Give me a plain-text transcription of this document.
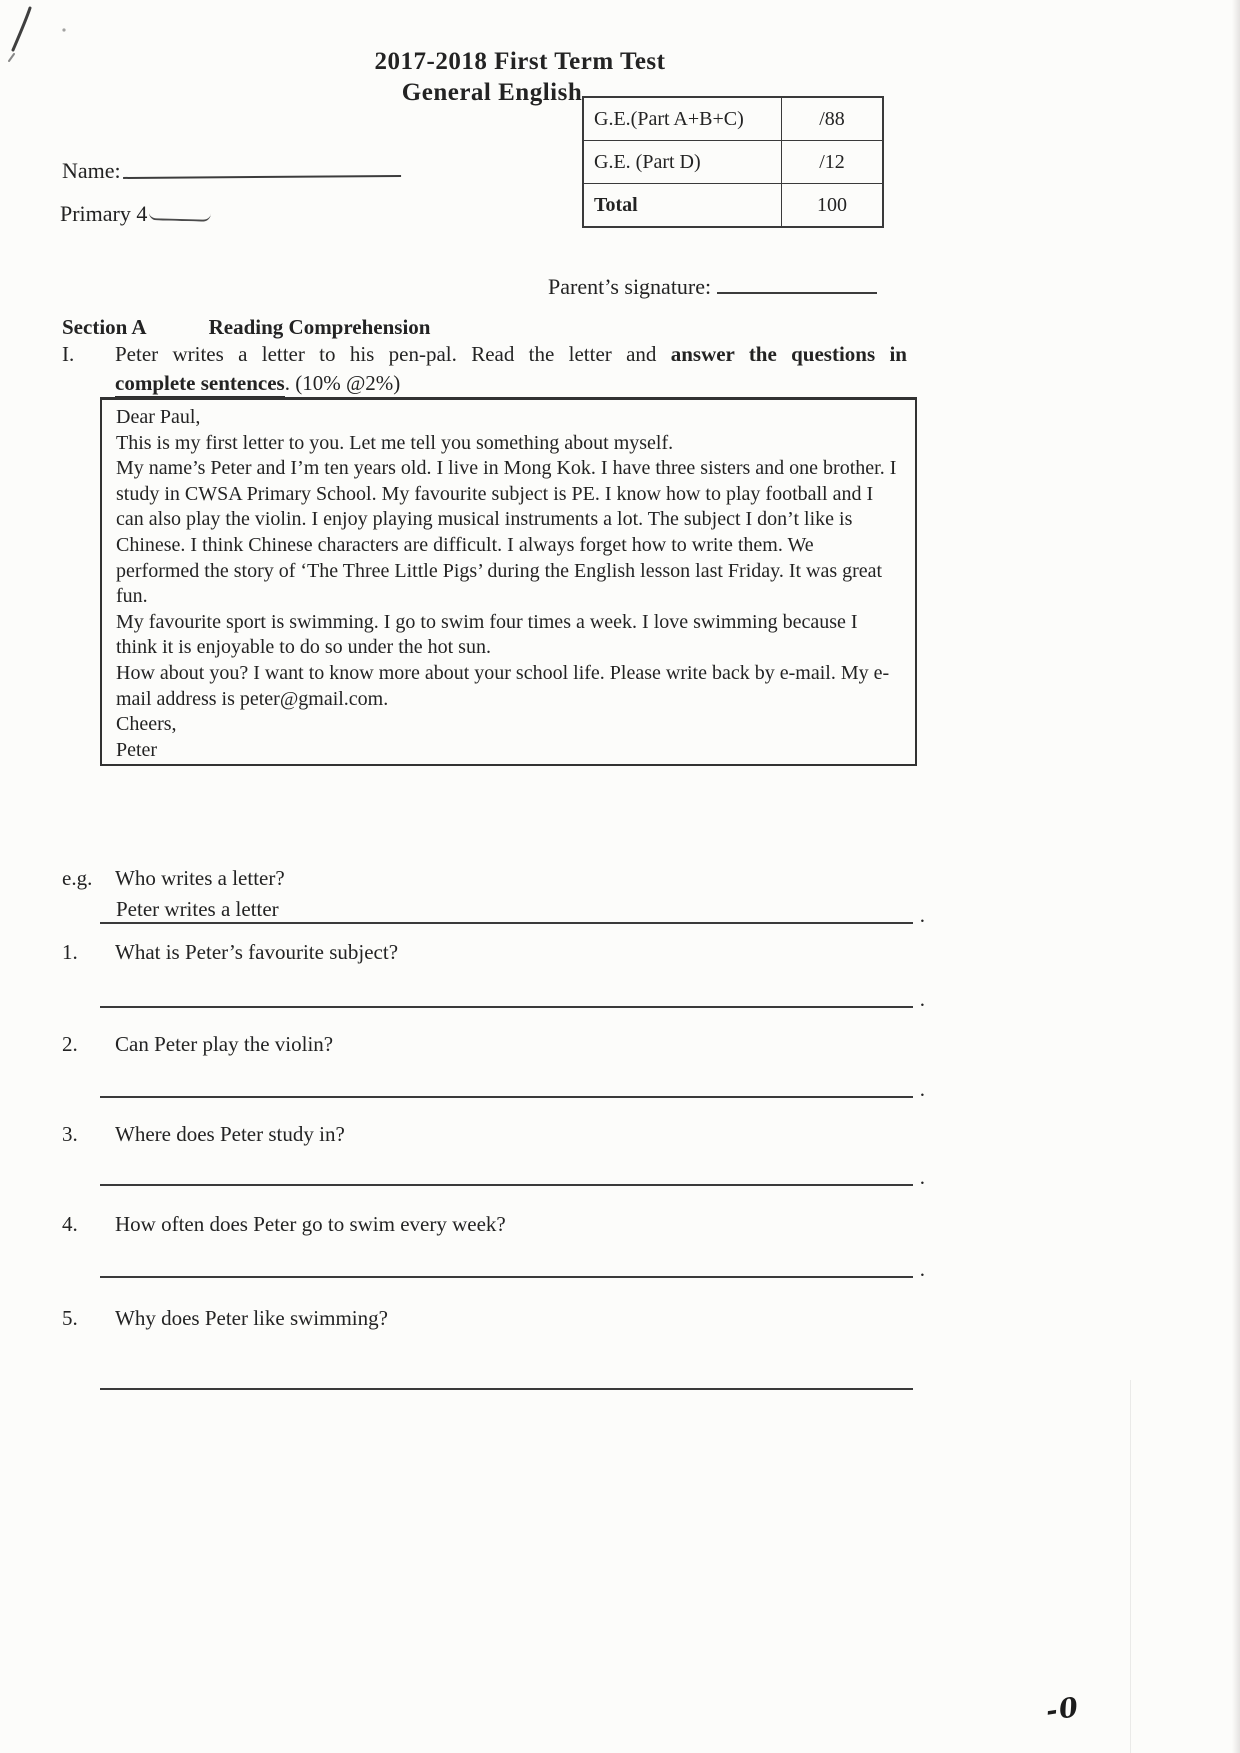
2017-2018 First Term Test
General English
G.E.(Part A+B+C)	/88
G.E. (Part D)	/12
Total	100
Name:
Primary 4
Parent’s signature:
Section A	Reading Comprehension
I.	Peter writes a letter to his pen-pal. Read the letter and answer the questions in
complete sentences. (10% @2%)

Dear Paul,

This is my first letter to you. Let me tell you something about myself.

My name’s Peter and I’m ten years old. I live in Mong Kok. I have three sisters and one brother. I study in CWSA Primary School. My favourite subject is PE. I know how to play football and I can also play the violin. I enjoy playing musical instruments a lot. The subject I don’t like is Chinese. I think Chinese characters are difficult. I always forget how to write them. We performed the story of ‘The Three Little Pigs’ during the English lesson last Friday. It was great fun.

My favourite sport is swimming. I go to swim four times a week. I love swimming because I think it is enjoyable to do so under the hot sun.

How about you? I want to know more about your school life. Please write back by e-mail. My e-mail address is peter@gmail.com.

Cheers,

Peter

e.g.	Who writes a letter?
Peter writes a letter	.
1.	What is Peter’s favourite subject?
.
2.	Can Peter play the violin?
.
3.	Where does Peter study in?
.
4.	How often does Peter go to swim every week?
.
5.	Why does Peter like swimming?
-0
